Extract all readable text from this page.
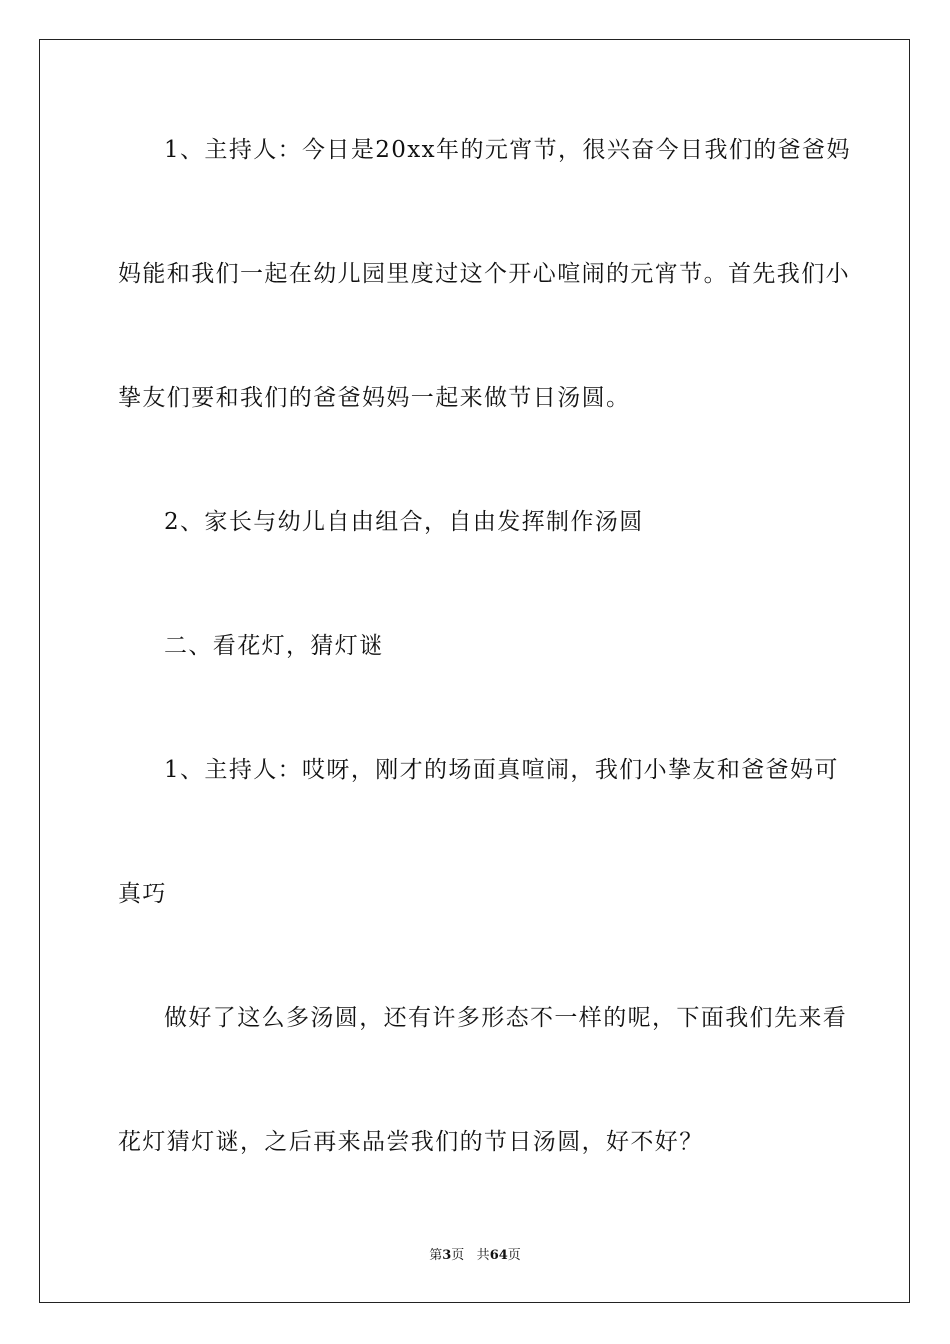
1、主持人：今日是20xx年的元宵节，很兴奋今日我们的爸爸妈
妈能和我们一起在幼儿园里度过这个开心喧闹的元宵节。首先我们小
挚友们要和我们的爸爸妈妈一起来做节日汤圆。
2、家长与幼儿自由组合，自由发挥制作汤圆
二、看花灯，猜灯谜
1、主持人：哎呀，刚才的场面真喧闹，我们小挚友和爸爸妈可
真巧
做好了这么多汤圆，还有许多形态不一样的呢，下面我们先来看
花灯猜灯谜，之后再来品尝我们的节日汤圆，好不好？
第3页 共64页
